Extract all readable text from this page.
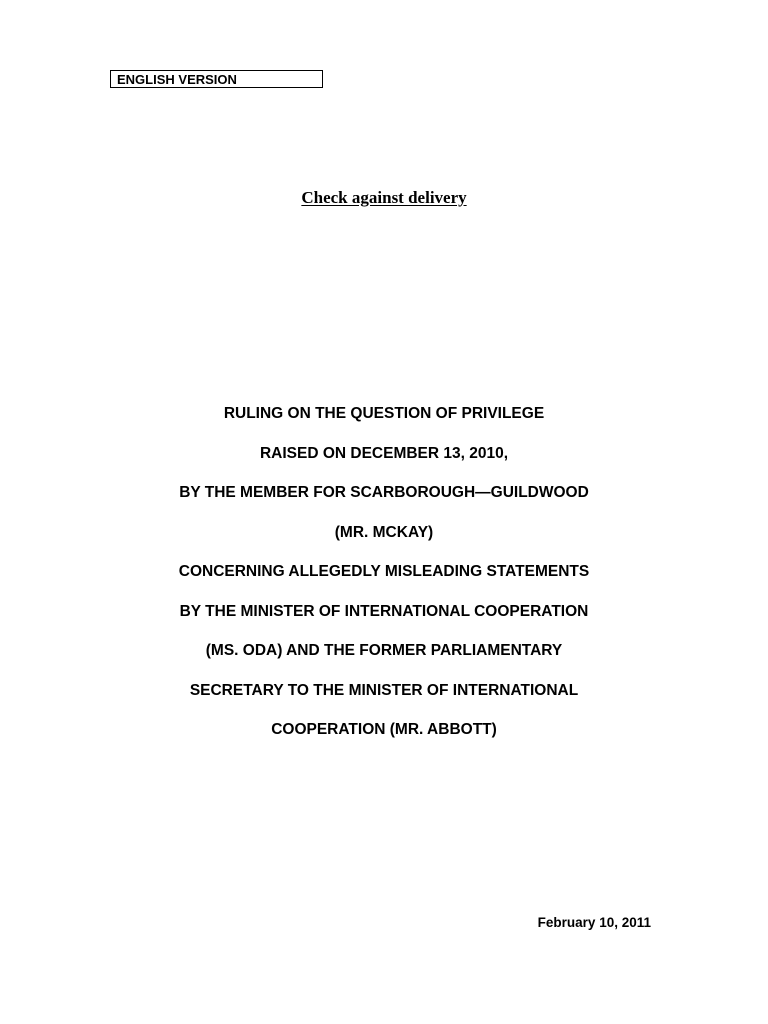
ENGLISH VERSION
Check against delivery
RULING ON THE QUESTION OF PRIVILEGE
RAISED ON DECEMBER 13, 2010,
BY THE MEMBER FOR SCARBOROUGH—GUILDWOOD
(MR. MCKAY)
CONCERNING ALLEGEDLY MISLEADING STATEMENTS
BY THE MINISTER OF INTERNATIONAL COOPERATION
(MS. ODA) AND THE FORMER PARLIAMENTARY
SECRETARY TO THE MINISTER OF INTERNATIONAL
COOPERATION (MR. ABBOTT)
February 10, 2011
